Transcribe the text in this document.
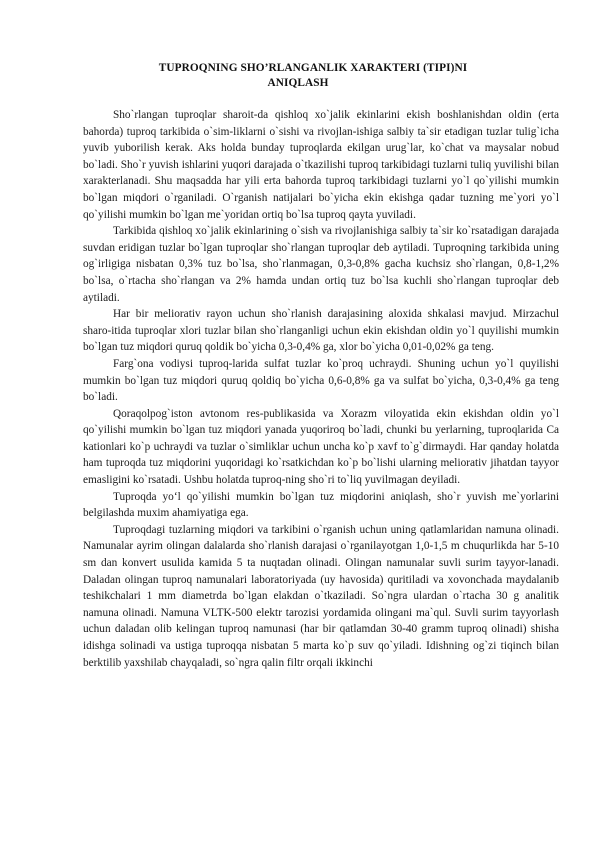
TUPROQNING SHO’RLANGANLIK XARAKTERI (TIPI)NI
ANIQLASH

Sho`rlangan tuproqlar sharoit-da qishloq xo`jalik ekinlarini ekish boshlanishdan oldin (erta bahorda) tuproq tarkibida o`sim-liklarni o`sishi va rivojlan-ishiga salbiy ta`sir etadigan tuzlar tulig`icha yuvib yuborilish kerak. Aks holda bunday tuproqlarda ekilgan urug`lar, ko`chat va maysalar nobud bo`ladi. Sho`r yuvish ishlarini yuqori darajada o`tkazilishi tuproq tarkibidagi tuzlarni tuliq yuvilishi bilan xarakterlanadi. Shu maqsadda har yili erta bahorda tuproq tarkibidagi tuzlarni yo`l qo`yilishi mumkin bo`lgan miqdori o`rganiladi. O`rganish natijalari bo`yicha ekin ekishga qadar tuzning me`yori yo`l qo`yilishi mumkin bo`lgan me`yoridan ortiq bo`lsa tuproq qayta yuviladi.

Tarkibida qishloq xo`jalik ekinlarining o`sish va rivojlanishiga salbiy ta`sir ko`rsatadigan darajada suvdan eridigan tuzlar bo`lgan tuproqlar sho`rlangan tuproqlar deb aytiladi. Tuproqning tarkibida uning og`irligiga nisbatan 0,3% tuz bo`lsa, sho`rlanmagan, 0,3-0,8% gacha kuchsiz sho`rlangan, 0,8-1,2% bo`lsa, o`rtacha sho`rlangan va 2% hamda undan ortiq tuz bo`lsa kuchli sho`rlangan tuproqlar deb aytiladi.

Har bir meliorativ rayon uchun sho`rlanish darajasining aloxida shkalasi mavjud. Mirzachul sharo-itida tuproqlar xlori tuzlar bilan sho`rlanganligi uchun ekin ekishdan oldin yo`l quyilishi mumkin bo`lgan tuz miqdori quruq qoldik bo`yicha 0,3-0,4% ga, xlor bo`yicha 0,01-0,02% ga teng.

Farg`ona vodiysi tuproq-larida sulfat tuzlar ko`proq uchraydi. Shuning uchun yo`l quyilishi mumkin bo`lgan tuz miqdori quruq qoldiq bo`yicha 0,6-0,8% ga va sulfat bo`yicha, 0,3-0,4% ga teng bo`ladi.

Qoraqolpog`iston avtonom res-publikasida va Xorazm viloyatida ekin ekishdan oldin yo`l qo`yilishi mumkin bo`lgan tuz miqdori yanada yuqoriroq bo`ladi, chunki bu yerlarning, tuproqlarida Ca kationlari ko`p uchraydi va tuzlar o`simliklar uchun uncha ko`p xavf to`g`dirmaydi. Har qanday holatda ham tuproqda tuz miqdorini yuqoridagi ko`rsatkichdan ko`p bo`lishi ularning meliorativ jihatdan tayyor emasligini ko`rsatadi. Ushbu holatda tuproq-ning sho`ri to`liq yuvilmagan deyiladi.

Tuproqda yo‘l qo`yilishi mumkin bo`lgan tuz miqdorini aniqlash, sho`r yuvish me`yorlarini belgilashda muxim ahamiyatiga ega.

Tuproqdagi tuzlarning miqdori va tarkibini o`rganish uchun uning qatlamlaridan namuna olinadi. Namunalar ayrim olingan dalalarda sho`rlanish darajasi o`rganilayotgan 1,0-1,5 m chuqurlikda har 5-10 sm dan konvert usulida kamida 5 ta nuqtadan olinadi. Olingan namunalar suvli surim tayyor-lanadi. Daladan olingan tuproq namunalari laboratoriyada (uy havosida) quritiladi va xovonchada maydalanib teshikchalari 1 mm diametrda bo`lgan elakdan o`tkaziladi. So`ngra ulardan o`rtacha 30 g analitik namuna olinadi. Namuna VLTK-500 elektr tarozisi yordamida olingani ma`qul. Suvli surim tayyorlash uchun daladan olib kelingan tuproq namunasi (har bir qatlamdan 30-40 gramm tuproq olinadi) shisha idishga solinadi va ustiga tuproqqa nisbatan 5 marta ko`p suv qo`yiladi. Idishning og`zi tiqinch bilan berktilib yaxshilab chayqaladi, so`ngra qalin filtr orqali ikkinchi
